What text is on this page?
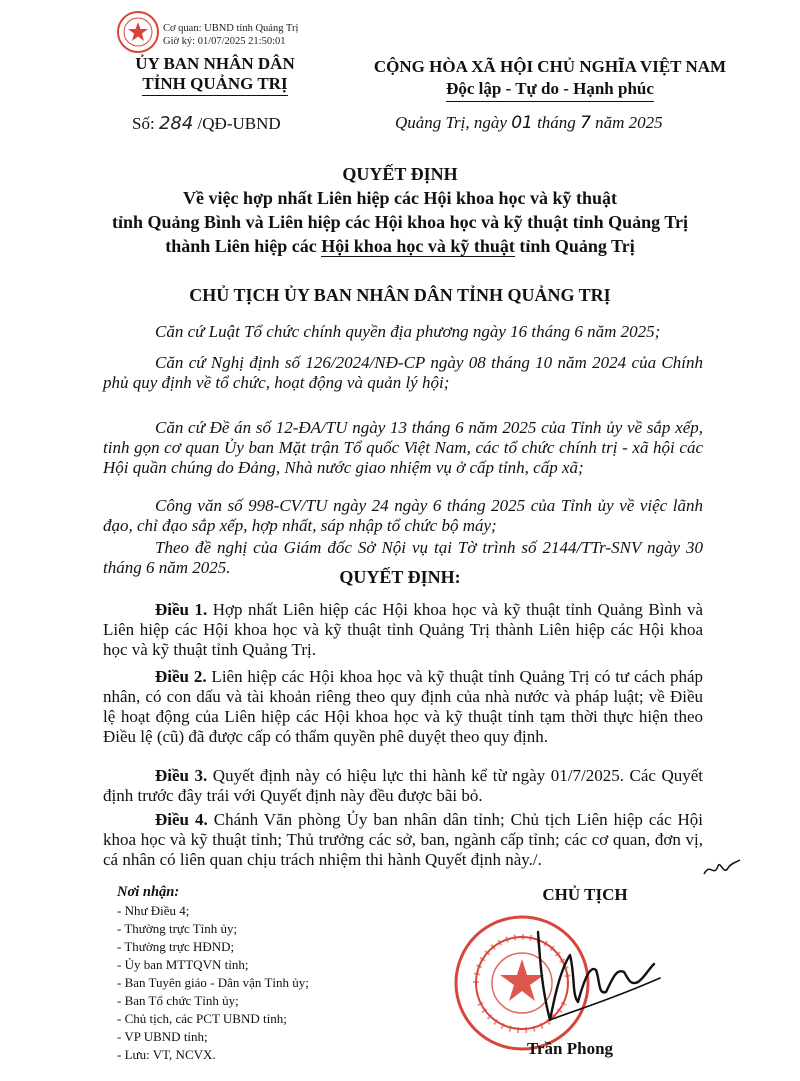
Cơ quan: UBND tỉnh Quảng Trị
Giờ ký: 01/07/2025 21:50:01
ỦY BAN NHÂN DÂN
TỈNH QUẢNG TRỊ
CỘNG HÒA XÃ HỘI CHỦ NGHĨA VIỆT NAM
Độc lập - Tự do - Hạnh phúc
Số: 284 /QĐ-UBND	Quảng Trị, ngày 01 tháng 7 năm 2025
QUYẾT ĐỊNH
Về việc hợp nhất Liên hiệp các Hội khoa học và kỹ thuật
tỉnh Quảng Bình và Liên hiệp các Hội khoa học và kỹ thuật tỉnh Quảng Trị
thành Liên hiệp các Hội khoa học và kỹ thuật tỉnh Quảng Trị
CHỦ TỊCH ỦY BAN NHÂN DÂN TỈNH QUẢNG TRỊ
Căn cứ Luật Tổ chức chính quyền địa phương ngày 16 tháng 6 năm 2025;
Căn cứ Nghị định số 126/2024/NĐ-CP ngày 08 tháng 10 năm 2024 của Chính phủ quy định về tổ chức, hoạt động và quản lý hội;
Căn cứ Đề án số 12-ĐA/TU ngày 13 tháng 6 năm 2025 của Tỉnh ủy về sắp xếp, tinh gọn cơ quan Ủy ban Mặt trận Tổ quốc Việt Nam, các tổ chức chính trị - xã hội các Hội quần chúng do Đảng, Nhà nước giao nhiệm vụ ở cấp tỉnh, cấp xã;
Công văn số 998-CV/TU ngày 24 ngày 6 tháng 2025 của Tỉnh ủy về việc lãnh đạo, chỉ đạo sắp xếp, hợp nhất, sáp nhập tổ chức bộ máy;
Theo đề nghị của Giám đốc Sở Nội vụ tại Tờ trình số 2144/TTr-SNV ngày 30 tháng 6 năm 2025.	QUYẾT ĐỊNH:
Điều 1. Hợp nhất Liên hiệp các Hội khoa học và kỹ thuật tỉnh Quảng Bình và Liên hiệp các Hội khoa học và kỹ thuật tỉnh Quảng Trị thành Liên hiệp các Hội khoa học và kỹ thuật tỉnh Quảng Trị.
Điều 2. Liên hiệp các Hội khoa học và kỹ thuật tỉnh Quảng Trị có tư cách pháp nhân, có con dấu và tài khoản riêng theo quy định của nhà nước và pháp luật; về Điều lệ hoạt động của Liên hiệp các Hội khoa học và kỹ thuật tỉnh tạm thời thực hiện theo Điều lệ (cũ) đã được cấp có thẩm quyền phê duyệt theo quy định.
Điều 3. Quyết định này có hiệu lực thi hành kể từ ngày 01/7/2025. Các Quyết định trước đây trái với Quyết định này đều được bãi bỏ.
Điều 4. Chánh Văn phòng Ủy ban nhân dân tỉnh; Chủ tịch Liên hiệp các Hội khoa học và kỹ thuật tỉnh; Thủ trưởng các sở, ban, ngành cấp tỉnh; các cơ quan, đơn vị, cá nhân có liên quan chịu trách nhiệm thi hành Quyết định này./.
Nơi nhận:
- Như Điều 4;
- Thường trực Tỉnh ủy;
- Thường trực HĐND;
- Ủy ban MTTQVN tỉnh;
- Ban Tuyên giáo - Dân vận Tỉnh ủy;
- Ban Tổ chức Tỉnh ủy;
- Chủ tịch, các PCT UBND tỉnh;
- VP UBND tỉnh;
- Lưu: VT, NCVX.
CHỦ TỊCH
Trần Phong
